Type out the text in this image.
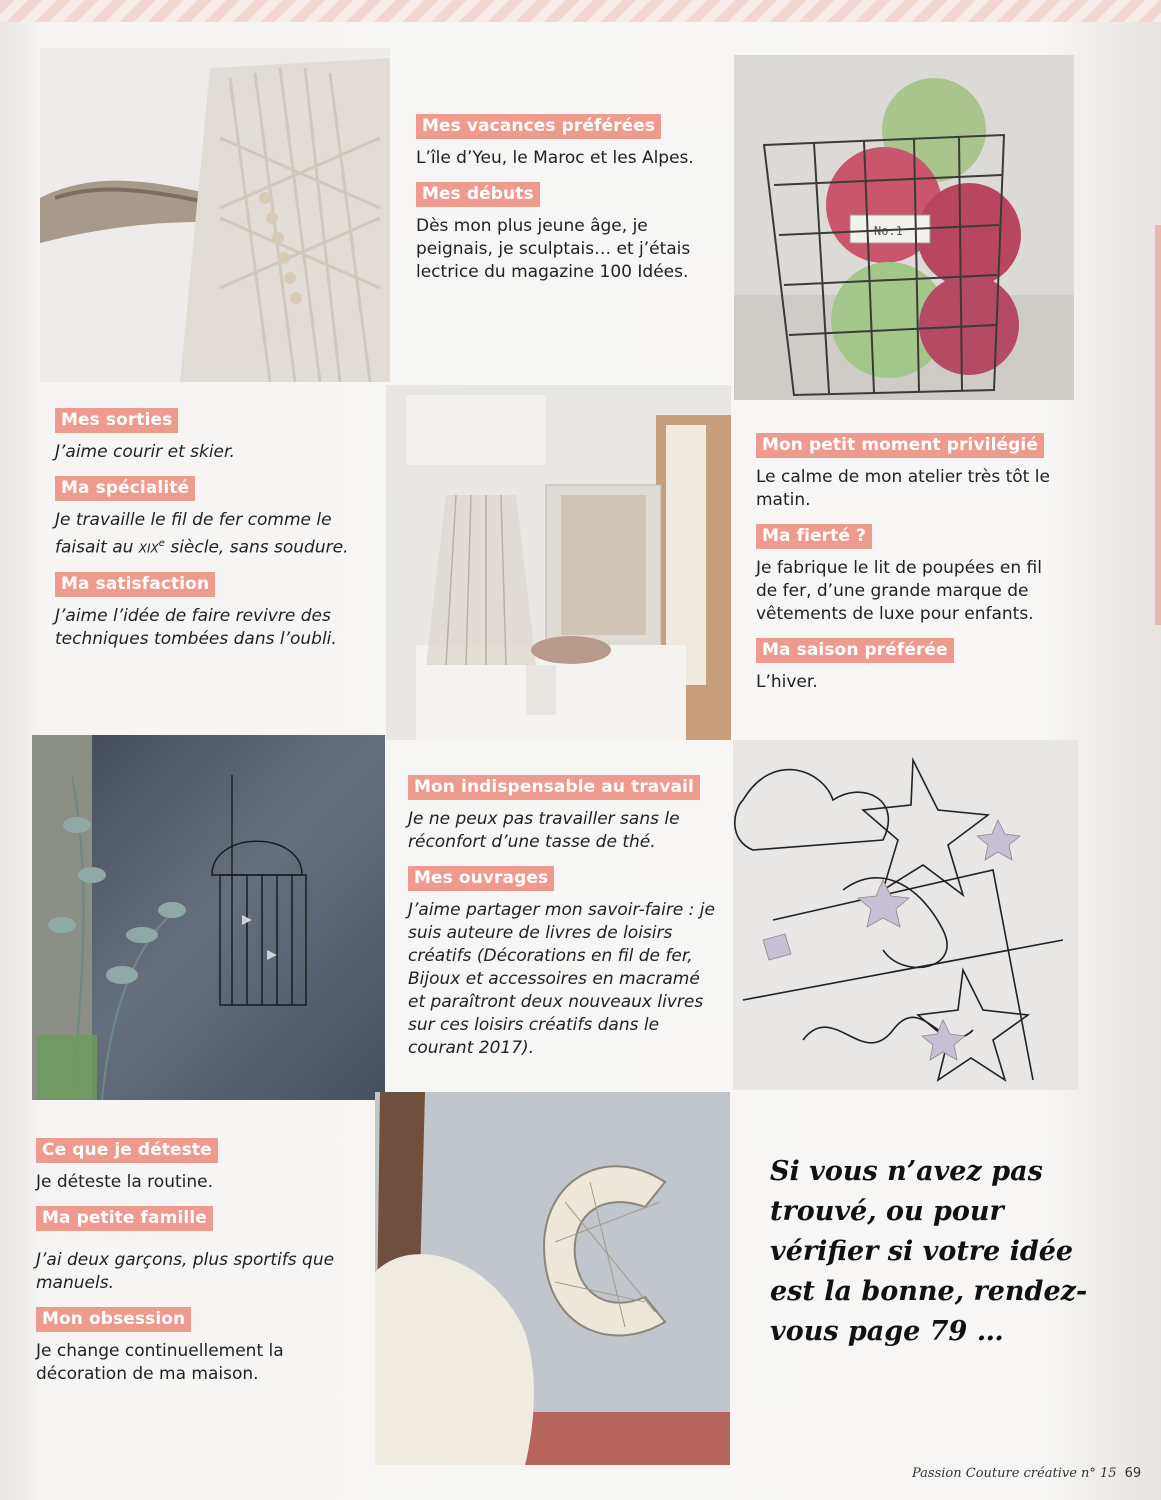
No.1
Mes vacances préférées

L’île d’Yeu, le Maroc et les Alpes.

Mes débuts

Dès mon plus jeune âge, je peignais, je sculptais… et j’étais lectrice du magazine 100 Idées.

Mes sorties

J’aime courir et skier.

Ma spécialité

Je travaille le fil de fer comme le faisait au xix$^e$ siècle, sans soudure.

Ma satisfaction

J’aime l’idée de faire revivre des techniques tombées dans l’oubli.

Mon petit moment privilégié

Le calme de mon atelier très tôt le matin.

Ma fierté ?

Je fabrique le lit de poupées en fil de fer, d’une grande marque de vêtements de luxe pour enfants.

Ma saison préférée

L’hiver.

Mon indispensable au travail

Je ne peux pas travailler sans le réconfort d’une tasse de thé.

Mes ouvrages

J’aime partager mon savoir-faire : je suis auteure de livres de loisirs créatifs (Décorations en fil de fer, Bijoux et accessoires en macramé et paraîtront deux nouveaux livres sur ces loisirs créatifs dans le courant 2017).

Ce que je déteste

Je déteste la routine.

Ma petite famille

J’ai deux garçons, plus sportifs que manuels.

Mon obsession

Je change continuellement la décoration de ma maison.

Si vous n’avez pas trouvé, ou pour vérifier si votre idée est la bonne, rendez-vous page 79 …
Passion Couture créative n° 15 69
